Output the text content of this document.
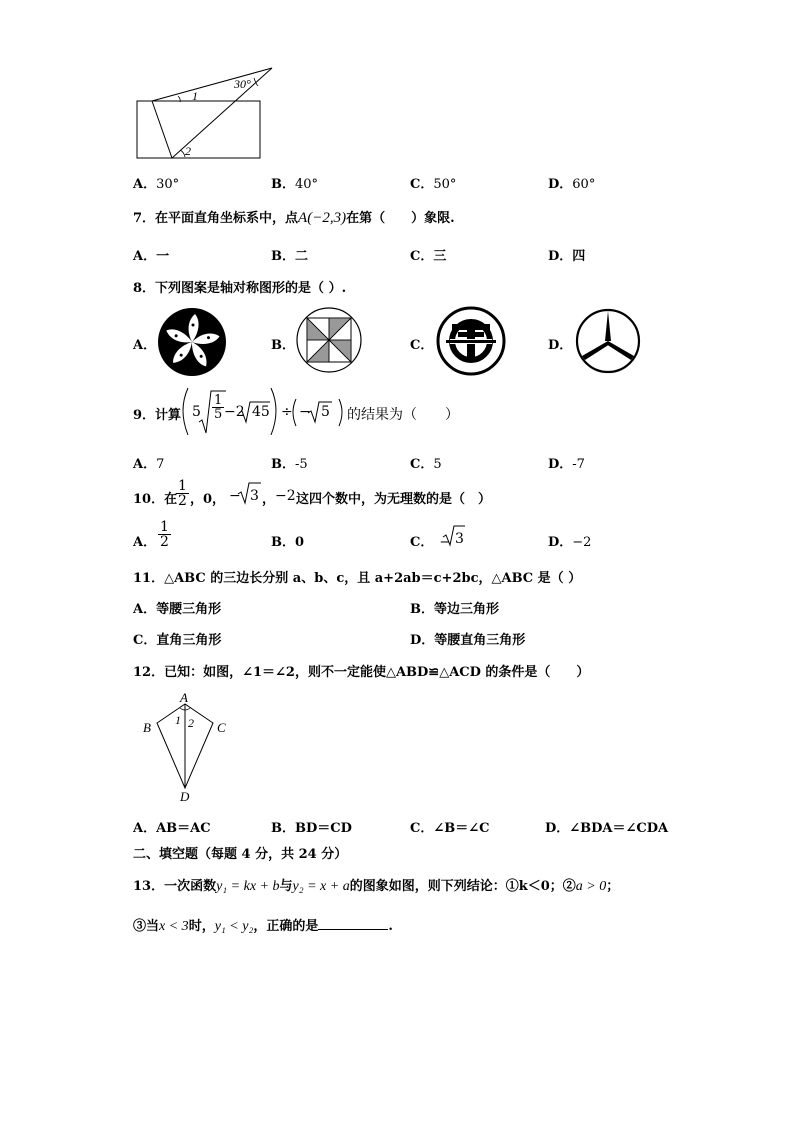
30°
1
2
A．30°	B．40°	C．50°	D．60°
7．在平面直角坐标系中，点A(−2,3)在第（　　）象限.
A．一	B．二	C．三	D．四
8．下列图案是轴对称图形的是（ ）.
A．	B．	C．	D．
9．计算 $5 \frac{1}{5} -2$ 45 ÷ − 5 的结果为（　　）
A．7	B．-5	C．5	D．-7
10．在
$\frac{1}{2}$ ，0， − 3 ， −2 这四个数中，为无理数的是（　）
A． $\frac{1}{2}$	B．0	C． − 3	D．−2
11．△ABC 的三边长分别 a、b、c，且 a+2ab＝c+2bc，△ABC 是（ ）
A．等腰三角形	B．等边三角形
C．直角三角形	D．等腰直角三角形
12．已知：如图，∠1＝∠2，则不一定能使△ABD≌△ACD 的条件是（　　）
A
B	C
D
1 2
A．AB＝AC	B．BD＝CD	C．∠B＝∠C	D．∠BDA＝∠CDA
二、填空题（每题 4 分，共 24 分）
13．一次函数y₁ = kx + b与y₂ = x + a的图象如图，则下列结论：①k＜0；②a > 0；
③当x < 3时，y₁ < y₂，正确的是	.
